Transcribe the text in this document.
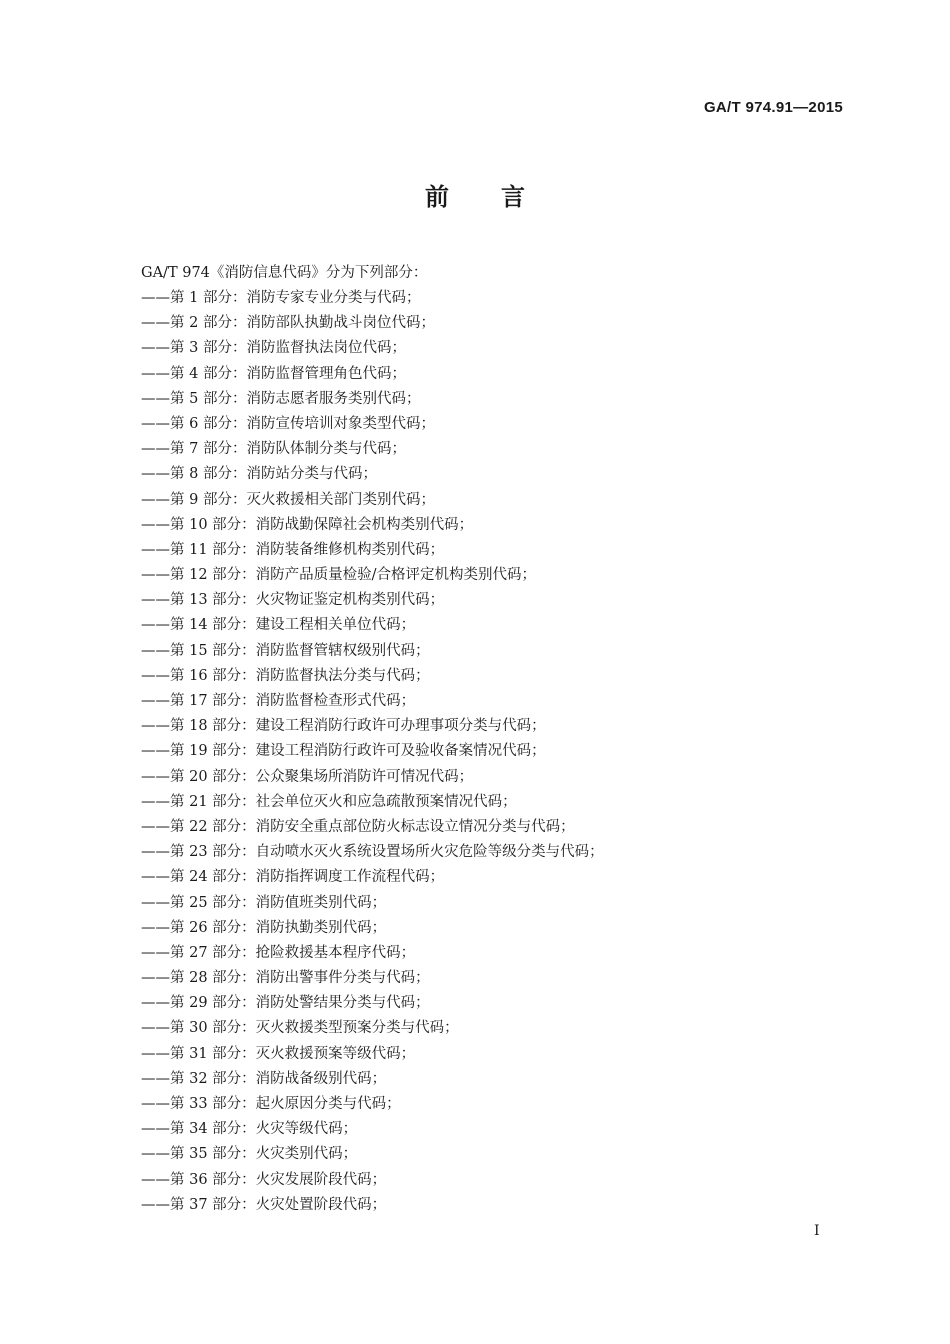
GA/T 974.91—2015
前言
GA/T 974《消防信息代码》分为下列部分：
——第 1 部分：消防专家专业分类与代码；
——第 2 部分：消防部队执勤战斗岗位代码；
——第 3 部分：消防监督执法岗位代码；
——第 4 部分：消防监督管理角色代码；
——第 5 部分：消防志愿者服务类别代码；
——第 6 部分：消防宣传培训对象类型代码；
——第 7 部分：消防队体制分类与代码；
——第 8 部分：消防站分类与代码；
——第 9 部分：灭火救援相关部门类别代码；
——第 10 部分：消防战勤保障社会机构类别代码；
——第 11 部分：消防装备维修机构类别代码；
——第 12 部分：消防产品质量检验/合格评定机构类别代码；
——第 13 部分：火灾物证鉴定机构类别代码；
——第 14 部分：建设工程相关单位代码；
——第 15 部分：消防监督管辖权级别代码；
——第 16 部分：消防监督执法分类与代码；
——第 17 部分：消防监督检查形式代码；
——第 18 部分：建设工程消防行政许可办理事项分类与代码；
——第 19 部分：建设工程消防行政许可及验收备案情况代码；
——第 20 部分：公众聚集场所消防许可情况代码；
——第 21 部分：社会单位灭火和应急疏散预案情况代码；
——第 22 部分：消防安全重点部位防火标志设立情况分类与代码；
——第 23 部分：自动喷水灭火系统设置场所火灾危险等级分类与代码；
——第 24 部分：消防指挥调度工作流程代码；
——第 25 部分：消防值班类别代码；
——第 26 部分：消防执勤类别代码；
——第 27 部分：抢险救援基本程序代码；
——第 28 部分：消防出警事件分类与代码；
——第 29 部分：消防处警结果分类与代码；
——第 30 部分：灭火救援类型预案分类与代码；
——第 31 部分：灭火救援预案等级代码；
——第 32 部分：消防战备级别代码；
——第 33 部分：起火原因分类与代码；
——第 34 部分：火灾等级代码；
——第 35 部分：火灾类别代码；
——第 36 部分：火灾发展阶段代码；
——第 37 部分：火灾处置阶段代码；
I
